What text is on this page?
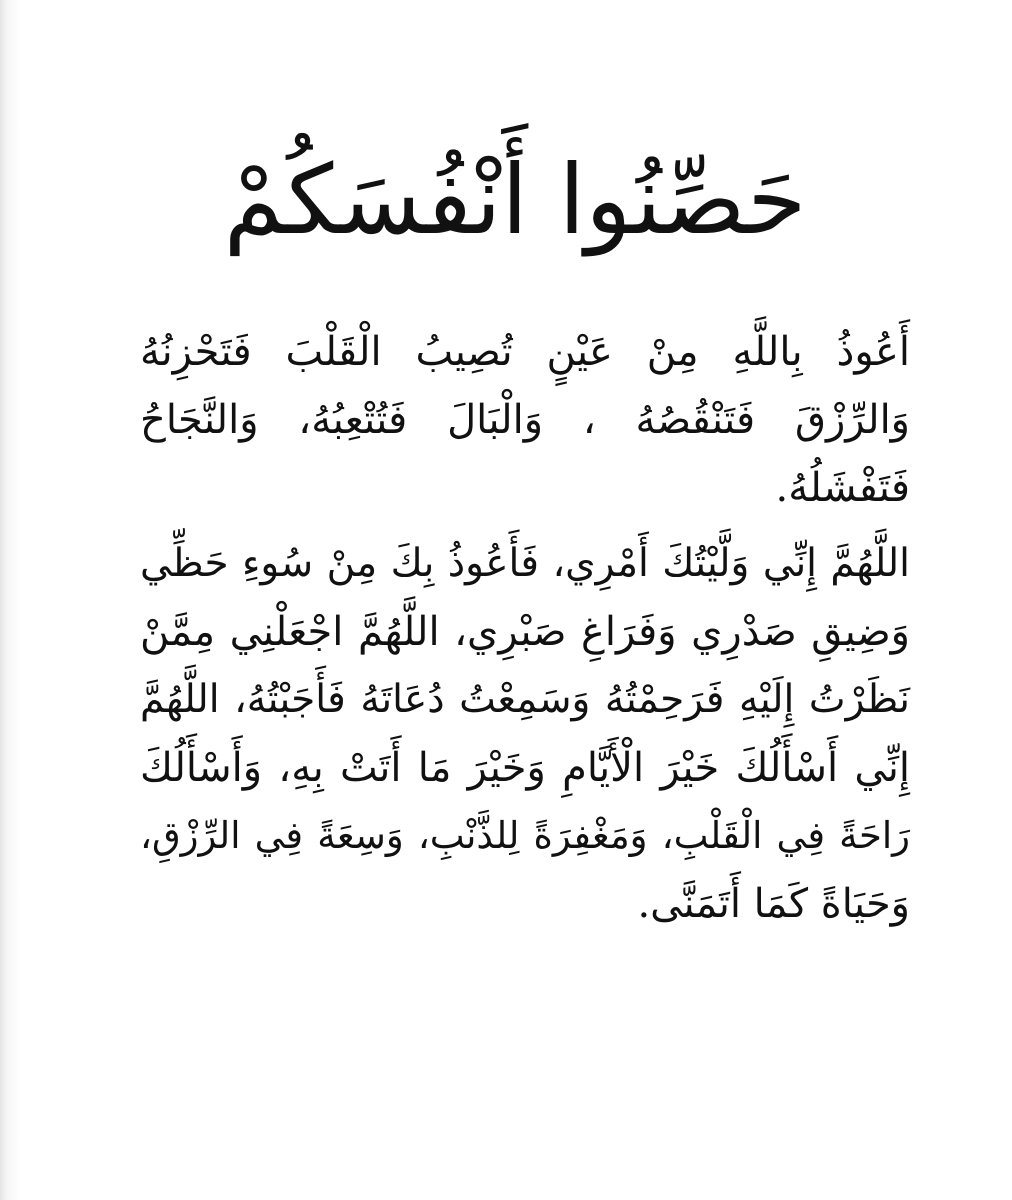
حَصِّنُوا أَنْفُسَكُمْ

أَعُوذُ بِاللَّهِ مِنْ عَيْنٍ تُصِيبُ الْقَلْبَ فَتَحْزِنُهُ
وَالرِّزْقَ فَتَنْقُصُهُ ، وَالْبَالَ فَتُتْعِبُهُ، وَالنَّجَاحُ
فَتَفْشَلُهُ.

اللَّهُمَّ إِنِّي وَلَّيْتُكَ أَمْرِي، فَأَعُوذُ بِكَ مِنْ سُوءِ حَظِّي
وَضِيقِ صَدْرِي وَفَرَاغِ صَبْرِي، اللَّهُمَّ اجْعَلْنِي مِمَّنْ
نَظَرْتُ إِلَيْهِ فَرَحِمْتُهُ وَسَمِعْتُ دُعَاتَهُ فَأَجَبْتُهُ، اللَّهُمَّ
إِنِّي أَسْأَلُكَ خَيْرَ الْأَيَّامِ وَخَيْرَ مَا أَتَتْ بِهِ، وَأَسْأَلُكَ
رَاحَةً فِي الْقَلْبِ، وَمَغْفِرَةً لِلذَّنْبِ، وَسِعَةً فِي الرِّزْقِ،
وَحَيَاةً كَمَا أَتَمَنَّى.
